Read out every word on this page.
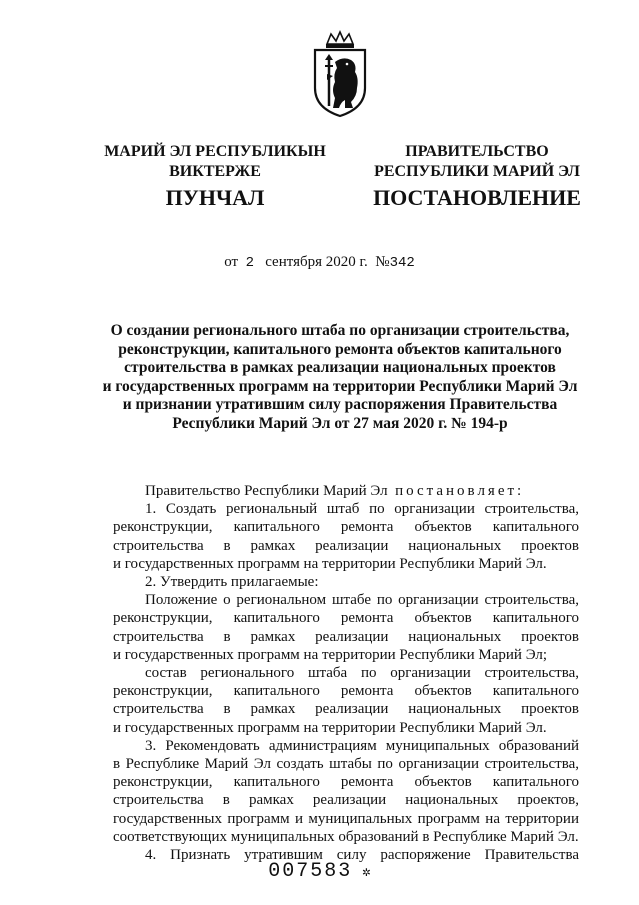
МАРИЙ ЭЛ РЕСПУБЛИКЫН
ВИКТЕРЖЕ
ПУНЧАЛ
ПРАВИТЕЛЬСТВО
РЕСПУБЛИКИ МАРИЙ ЭЛ
ПОСТАНОВЛЕНИЕ
от 2 сентября 2020 г. №342
О создании регионального штаба по организации строительства,
реконструкции, капитального ремонта объектов капитального
строительства в рамках реализации национальных проектов
и государственных программ на территории Республики Марий Эл
и признании утратившим силу распоряжения Правительства
Республики Марий Эл от 27 мая 2020 г. № 194-р

Правительство Республики Марий Эл постановляет:

1. Создать региональный штаб по организации строительства,

реконструкции, капитального ремонта объектов капитального

строительства в рамках реализации национальных проектов

и государственных программ на территории Республики Марий Эл.

2. Утвердить прилагаемые:

Положение о региональном штабе по организации строительства,

реконструкции, капитального ремонта объектов капитального

строительства в рамках реализации национальных проектов

и государственных программ на территории Республики Марий Эл;

состав регионального штаба по организации строительства,

реконструкции, капитального ремонта объектов капитального

строительства в рамках реализации национальных проектов

и государственных программ на территории Республики Марий Эл.

3. Рекомендовать администрациям муниципальных образований

в Республике Марий Эл создать штабы по организации строительства,

реконструкции, капитального ремонта объектов капитального

строительства в рамках реализации национальных проектов,

государственных программ и муниципальных программ на территории

соответствующих муниципальных образований в Республике Марий Эл.

4. Признать утратившим силу распоряжение Правительства

007583 ✲
